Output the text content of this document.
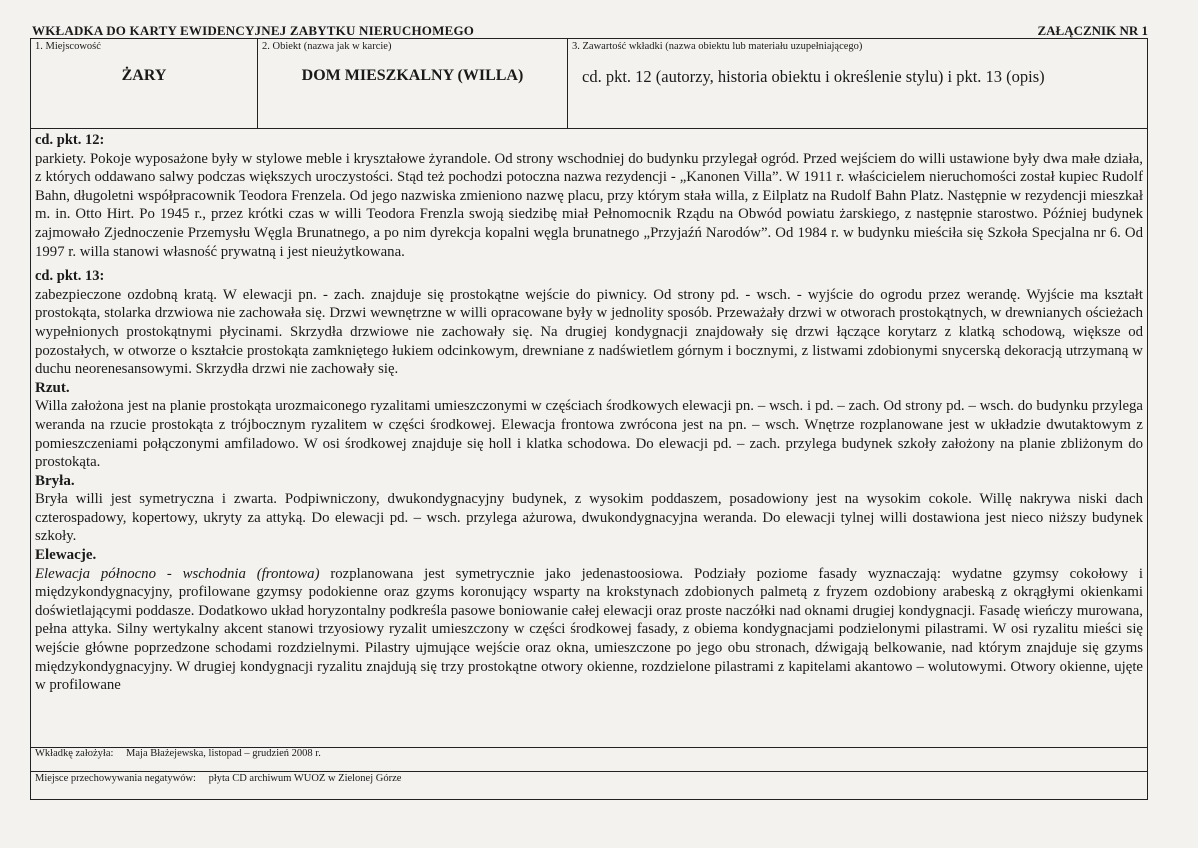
WKŁADKA DO KARTY EWIDENCYJNEJ ZABYTKU NIERUCHOMEGO	ZAŁĄCZNIK NR 1
1. Miejscowość
ŻARY
2. Obiekt (nazwa jak w karcie)
DOM MIESZKALNY (WILLA)
3. Zawartość wkładki (nazwa obiektu lub materiału uzupełniającego)
cd. pkt. 12 (autorzy, historia obiektu i określenie stylu) i pkt. 13 (opis)

cd. pkt. 12:

parkiety. Pokoje wyposażone były w stylowe meble i kryształowe żyrandole. Od strony wschodniej do budynku przylegał ogród. Przed wejściem do willi ustawione były dwa małe działa, z których oddawano salwy podczas większych uroczystości. Stąd też pochodzi potoczna nazwa rezydencji - „Kanonen Villa”. W 1911 r. właścicielem nieruchomości został kupiec Rudolf Bahn, długoletni współpracownik Teodora Frenzela. Od jego nazwiska zmieniono nazwę placu, przy którym stała willa, z Eilplatz na Rudolf Bahn Platz. Następnie w rezydencji mieszkał m. in. Otto Hirt. Po 1945 r., przez krótki czas w willi Teodora Frenzla swoją siedzibę miał Pełnomocnik Rządu na Obwód powiatu żarskiego, z następnie starostwo. Później budynek zajmowało Zjednoczenie Przemysłu Węgla Brunatnego, a po nim dyrekcja kopalni węgla brunatnego „Przyjaźń Narodów”. Od 1984 r. w budynku mieściła się Szkoła Specjalna nr 6. Od 1997 r. willa stanowi własność prywatną i jest nieużytkowana.

cd. pkt. 13:

zabezpieczone ozdobną kratą. W elewacji pn. - zach. znajduje się prostokątne wejście do piwnicy. Od strony pd. - wsch. - wyjście do ogrodu przez werandę. Wyjście ma kształt prostokąta, stolarka drzwiowa nie zachowała się. Drzwi wewnętrzne w willi opracowane były w jednolity sposób. Przeważały drzwi w otworach prostokątnych, w drewnianych ościeżach wypełnionych prostokątnymi płycinami. Skrzydła drzwiowe nie zachowały się. Na drugiej kondygnacji znajdowały się drzwi łączące korytarz z klatką schodową, większe od pozostałych, w otworze o kształcie prostokąta zamkniętego łukiem odcinkowym, drewniane z nadświetlem górnym i bocznymi, z listwami zdobionymi snycerską dekoracją utrzymaną w duchu neorenesansowymi. Skrzydła drzwi nie zachowały się.

Rzut.

Willa założona jest na planie prostokąta urozmaiconego ryzalitami umieszczonymi w częściach środkowych elewacji pn. – wsch. i pd. – zach. Od strony pd. – wsch. do budynku przylega weranda na rzucie prostokąta z trójbocznym ryzalitem w części środkowej. Elewacja frontowa zwrócona jest na pn. – wsch. Wnętrze rozplanowane jest w układzie dwutaktowym z pomieszczeniami połączonymi amfiladowo. W osi środkowej znajduje się holl i klatka schodowa. Do elewacji pd. – zach. przylega budynek szkoły założony na planie zbliżonym do prostokąta.

Bryła.

Bryła willi jest symetryczna i zwarta. Podpiwniczony, dwukondygnacyjny budynek, z wysokim poddaszem, posadowiony jest na wysokim cokole. Willę nakrywa niski dach czterospadowy, kopertowy, ukryty za attyką. Do elewacji pd. – wsch. przylega ażurowa, dwukondygnacyjna weranda. Do elewacji tylnej willi dostawiona jest nieco niższy budynek szkoły.

Elewacje.

Elewacja północno - wschodnia (frontowa) rozplanowana jest symetrycznie jako jedenastoosiowa. Podziały poziome fasady wyznaczają: wydatne gzymsy cokołowy i międzykondygnacyjny, profilowane gzymsy podokienne oraz gzyms koronujący wsparty na krokstynach zdobionych palmetą z fryzem ozdobiony arabeską z okrągłymi okienkami doświetlającymi poddasze. Dodatkowo układ horyzontalny podkreśla pasowe boniowanie całej elewacji oraz proste naczółki nad oknami drugiej kondygnacji. Fasadę wieńczy murowana, pełna attyka. Silny wertykalny akcent stanowi trzyosiowy ryzalit umieszczony w części środkowej fasady, z obiema kondygnacjami podzielonymi pilastrami. W osi ryzalitu mieści się wejście główne poprzedzone schodami rozdzielnymi. Pilastry ujmujące wejście oraz okna, umieszczone po jego obu stronach, dźwigają belkowanie, nad którym znajduje się gzyms międzykondygnacyjny. W drugiej kondygnacji ryzalitu znajdują się trzy prostokątne otwory okienne, rozdzielone pilastrami z kapitelami akantowo – wolutowymi. Otwory okienne, ujęte w profilowane

Wkładkę założyła: Maja Błażejewska, listopad – grudzień 2008 r.
Miejsce przechowywania negatywów: płyta CD archiwum WUOZ w Zielonej Górze
